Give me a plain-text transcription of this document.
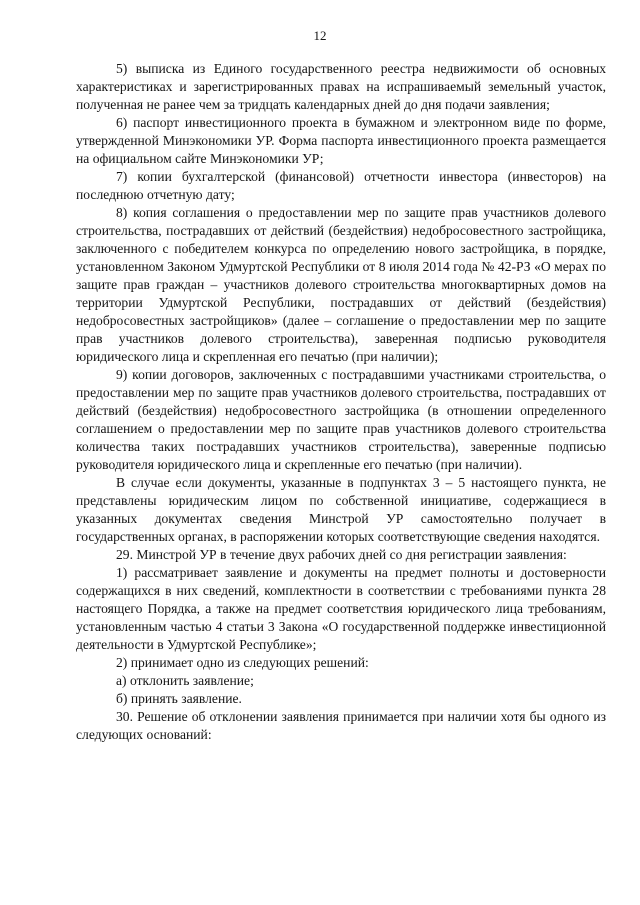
12

5) выписка из Единого государственного реестра недвижимости об основных характеристиках и зарегистрированных правах на испрашиваемый земельный участок, полученная не ранее чем за тридцать календарных дней до дня подачи заявления;

6) паспорт инвестиционного проекта в бумажном и электронном виде по форме, утвержденной Минэкономики УР. Форма паспорта инвестиционного проекта размещается на официальном сайте Минэкономики УР;

7) копии бухгалтерской (финансовой) отчетности инвестора (инвесторов) на последнюю отчетную дату;

8) копия соглашения о предоставлении мер по защите прав участников долевого строительства, пострадавших от действий (бездействия) недобросовестного застройщика, заключенного с победителем конкурса по определению нового застройщика, в порядке, установленном Законом Удмуртской Республики от 8 июля 2014 года № 42-РЗ «О мерах по защите прав граждан – участников долевого строительства многоквартирных домов на территории Удмуртской Республики, пострадавших от действий (бездействия) недобросовестных застройщиков» (далее – соглашение о предоставлении мер по защите прав участников долевого строительства), заверенная подписью руководителя юридического лица и скрепленная его печатью (при наличии);

9) копии договоров, заключенных с пострадавшими участниками строительства, о предоставлении мер по защите прав участников долевого строительства, пострадавших от действий (бездействия) недобросовестного застройщика (в отношении определенного соглашением о предоставлении мер по защите прав участников долевого строительства количества таких пострадавших участников строительства), заверенные подписью руководителя юридического лица и скрепленные его печатью (при наличии).

В случае если документы, указанные в подпунктах 3 – 5 настоящего пункта, не представлены юридическим лицом по собственной инициативе, содержащиеся в указанных документах сведения Минстрой УР самостоятельно получает в государственных органах, в распоряжении которых соответствующие сведения находятся.

29. Минстрой УР в течение двух рабочих дней со дня регистрации заявления:

1) рассматривает заявление и документы на предмет полноты и достоверности содержащихся в них сведений, комплектности в соответствии с требованиями пункта 28 настоящего Порядка, а также на предмет соответствия юридического лица требованиям, установленным частью 4 статьи 3 Закона «О государственной поддержке инвестиционной деятельности в Удмуртской Республике»;

2) принимает одно из следующих решений:

а) отклонить заявление;

б) принять заявление.

30. Решение об отклонении заявления принимается при наличии хотя бы одного из следующих оснований:
